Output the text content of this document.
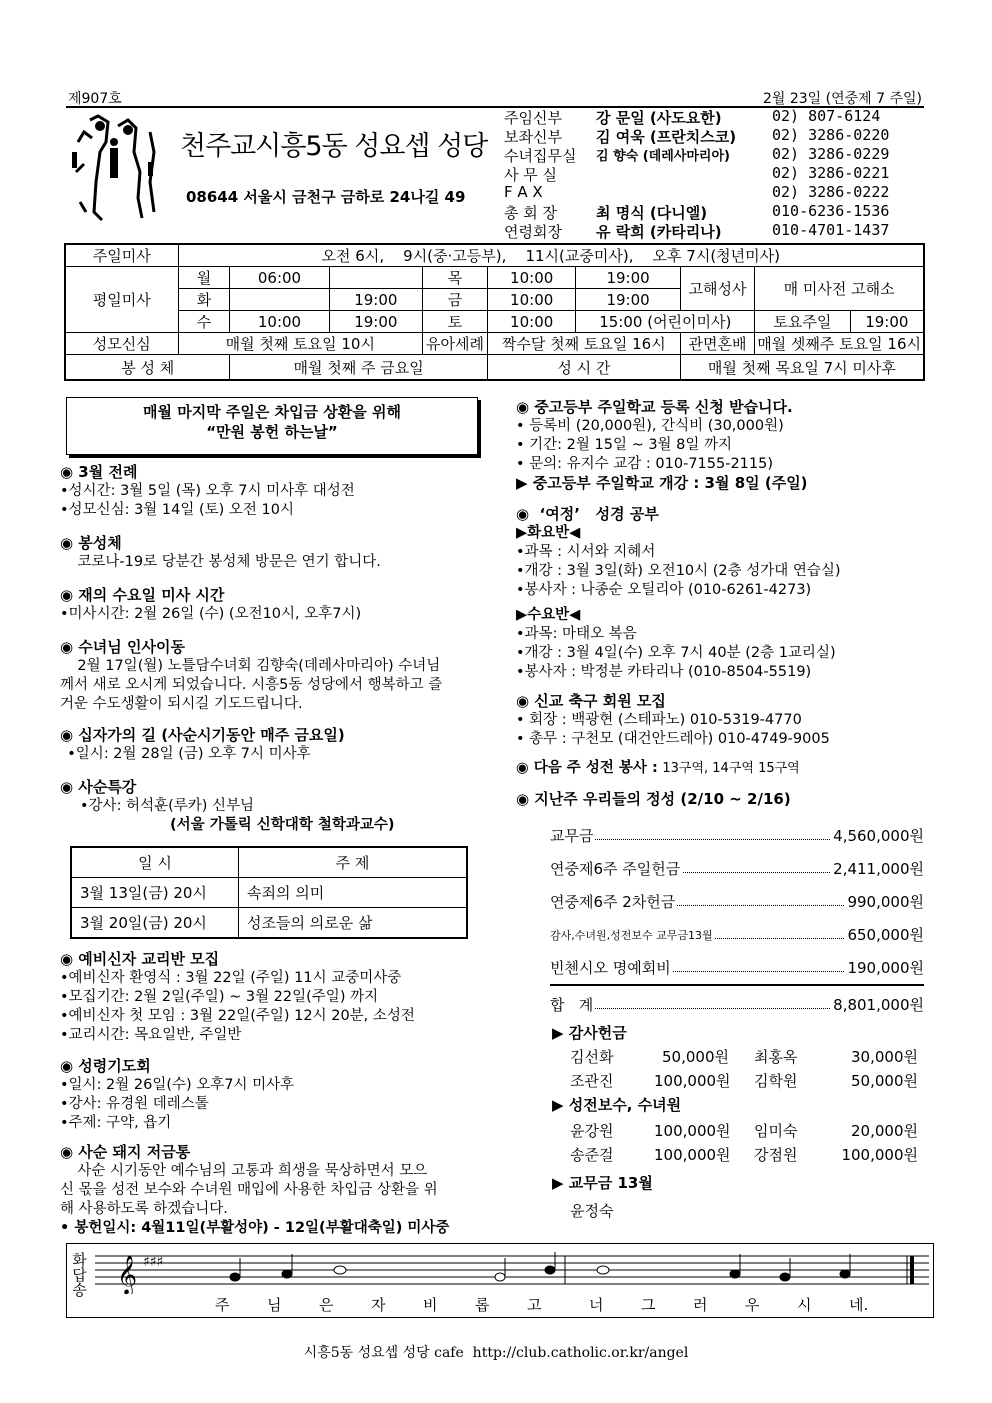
제907호	2월 23일 (연중제 7 주일)
천주교시흥5동 성요셉 성당
08644 서울시 금천구 금하로 24나길 49
주임신부	강 문일 (사도요한)	02) 807-6124
보좌신부	김 여욱 (프란치스코) 02) 3286-0220
수녀집무실	김 향숙 (데레사마리아)	02) 3286-0229
사 무 실	02) 3286-0221
F A X	02) 3286-0222
총 회 장	최 명식 (다니엘)	010-6236-1536
연령회장	유 락희 (카타리나)	010-4701-1437
주일미사	오전 6시,    9시(중·고등부),    11시(교중미사),    오후 7시(청년미사)								
평일미사	월	06:00		목	10:00	19:00	고해성사	매 미사전 고해소	
	화		19:00	금	10:00	19:00			
	수	10:00	19:00	토	10:00	15:00 (어린이미사)		토요주일	19:00
성모신심	매월 첫째 토요일 10시			유아세례	짝수달 첫째 토요일 16시		관면혼배	매월 셋째주 토요일 16시	
봉 성 체		매월 첫째 주 금요일			성 시 간		매월 첫째 목요일 7시 미사후		
매월 마지막 주일은 차입금 상환을 위해
“만원 봉헌 하는날”
◉ 3월 전례

•성시간: 3월 5일 (목) 오후 7시 미사후 대성전

•성모신심: 3월 14일 (토) 오전 10시

◉ 봉성체

코로나-19로 당분간 봉성체 방문은 연기 합니다.

◉ 재의 수요일 미사 시간

•미사시간: 2월 26일 (수) (오전10시, 오후7시)

◉ 수녀님 인사이동

2월 17일(월) 노틀담수녀회 김향숙(데레사마리아) 수녀님

께서 새로 오시게 되었습니다. 시흥5동 성당에서 행복하고 즐

거운 수도생활이 되시길 기도드립니다.

◉ 십자가의 길 (사순시기동안 매주 금요일)

•일시: 2월 28일 (금) 오후 7시 미사후

◉ 사순특강

•강사: 허석훈(루카) 신부님

(서울 가톨릭 신학대학 철학과교수)

일 시	주 제
3월 13일(금) 20시	속죄의 의미
3월 20일(금) 20시	성조들의 의로운 삶
◉ 예비신자 교리반 모집

•예비신자 환영식 : 3월 22일 (주일) 11시 교중미사중

•모집기간: 2월 2일(주일) ~ 3월 22일(주일) 까지

•예비신자 첫 모임 : 3월 22일(주일) 12시 20분, 소성전

•교리시간: 목요일반, 주일반

◉ 성령기도회

•일시: 2월 26일(수) 오후7시 미사후

•강사: 유경원 데레스톨

•주제: 구약, 욥기

◉ 사순 돼지 저금통

사순 시기동안 예수님의 고통과 희생을 묵상하면서 모으

신 몫을 성전 보수와 수녀원 매입에 사용한 차입금 상환을 위

해 사용하도록 하겠습니다.

• 봉헌일시: 4월11일(부활성야) - 12일(부활대축일) 미사중

◉ 중고등부 주일학교 등록 신청 받습니다.

• 등록비 (20,000원), 간식비 (30,000원)

• 기간: 2월 15일 ~ 3월 8일 까지

• 문의: 유지수 교감 : 010-7155-2115)

▶ 중고등부 주일학교 개강 : 3월 8일 (주일)

◉  ‘여정’   성경 공부

▶화요반◀

•과목 : 시서와 지혜서

•개강 : 3월 3일(화) 오전10시 (2층 성가대 연습실)

•봉사자 : 나종순 오틸리아 (010-6261-4273)

▶수요반◀

•과목: 마태오 복음

•개강 : 3월 4일(수) 오후 7시 40분 (2층 1교리실)

•봉사자 : 박정분 카타리나 (010-8504-5519)

◉ 신교 축구 회원 모집

• 회장 : 백광현 (스테파노) 010-5319-4770

• 총무 : 구천모 (대건안드레아) 010-4749-9005

◉ 다음 주 성전 봉사 : 13구역, 14구역 15구역

◉ 지난주 우리들의 정성 (2/10 ~ 2/16)
교무금	4,560,000원
연중제6주 주일헌금	2,411,000원
연중제6주 2차헌금	990,000원
감사,수녀원,성전보수 교무금13월	650,000원
빈첸시오 명예회비	190,000원
합   계	8,801,000원
▶ 감사헌금
김선화	50,000원 최홍옥	30,000원
조관진	100,000원 김학원	50,000원
▶ 성전보수, 수녀원
윤강원	100,000원 임미숙	20,000원
송준걸	100,000원 강점원	100,000원
▶ 교무금 13월
윤정숙
화답송 𝄞 ♯♯♯
주	님	은	자	비	롭	고	너	그	러	우	시	네.
시흥5동 성요셉 성당 cafe  http://club.catholic.or.kr/angel
